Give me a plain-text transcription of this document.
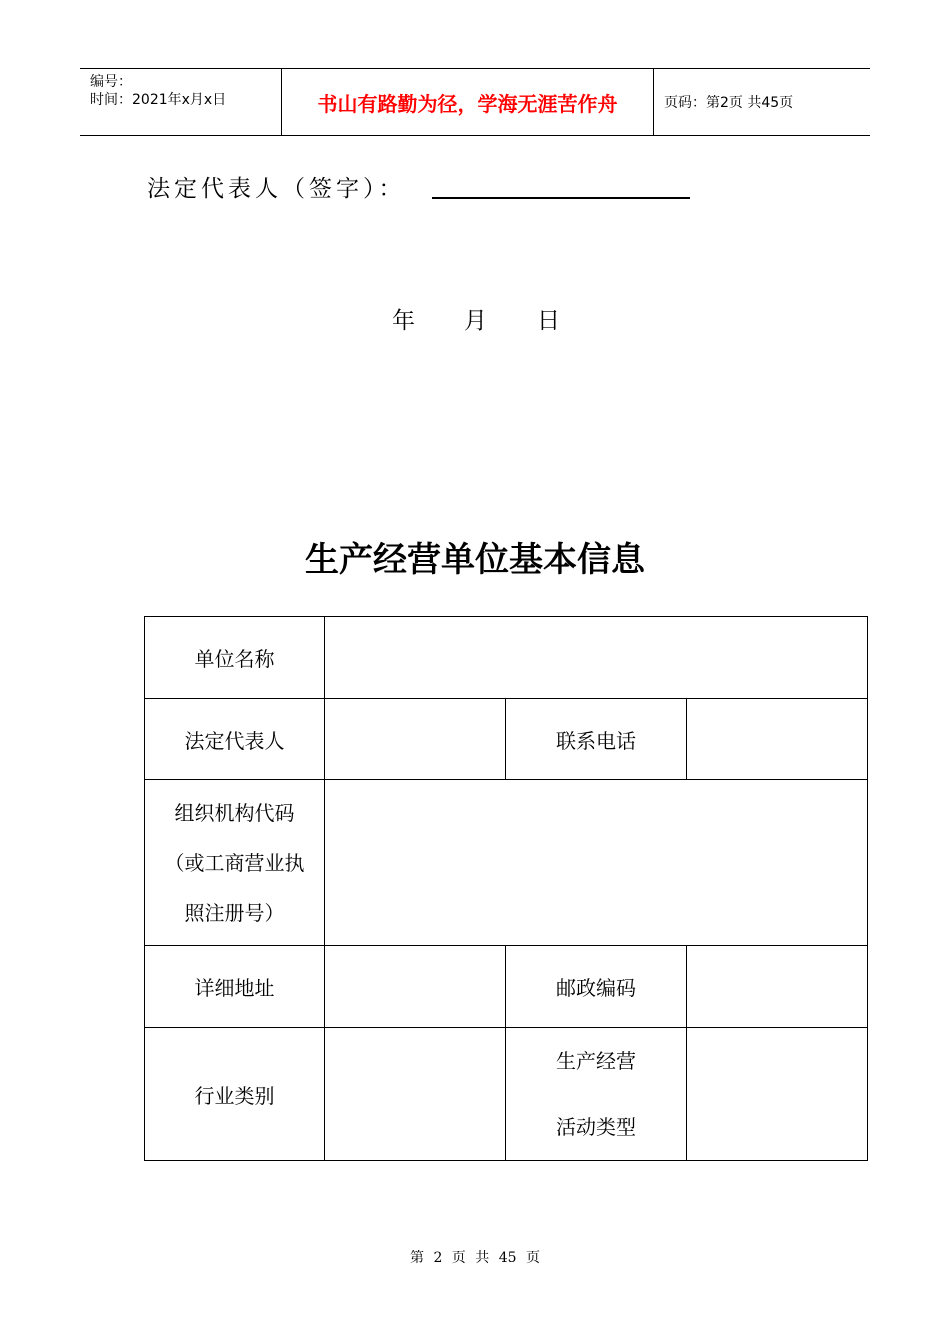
编号：
时间：2021年x月x日	书山有路勤为径，学海无涯苦作舟	页码：第2页 共45页
法定代表人（签字）：
年 月 日
生产经营单位基本信息
单位名称			
法定代表人		联系电话	

组织机构代码
（或工商营业执
照注册号）			

详细地址		邮政编码	
行业类别		生产经营
活动类型	

第 2 页 共 45 页
